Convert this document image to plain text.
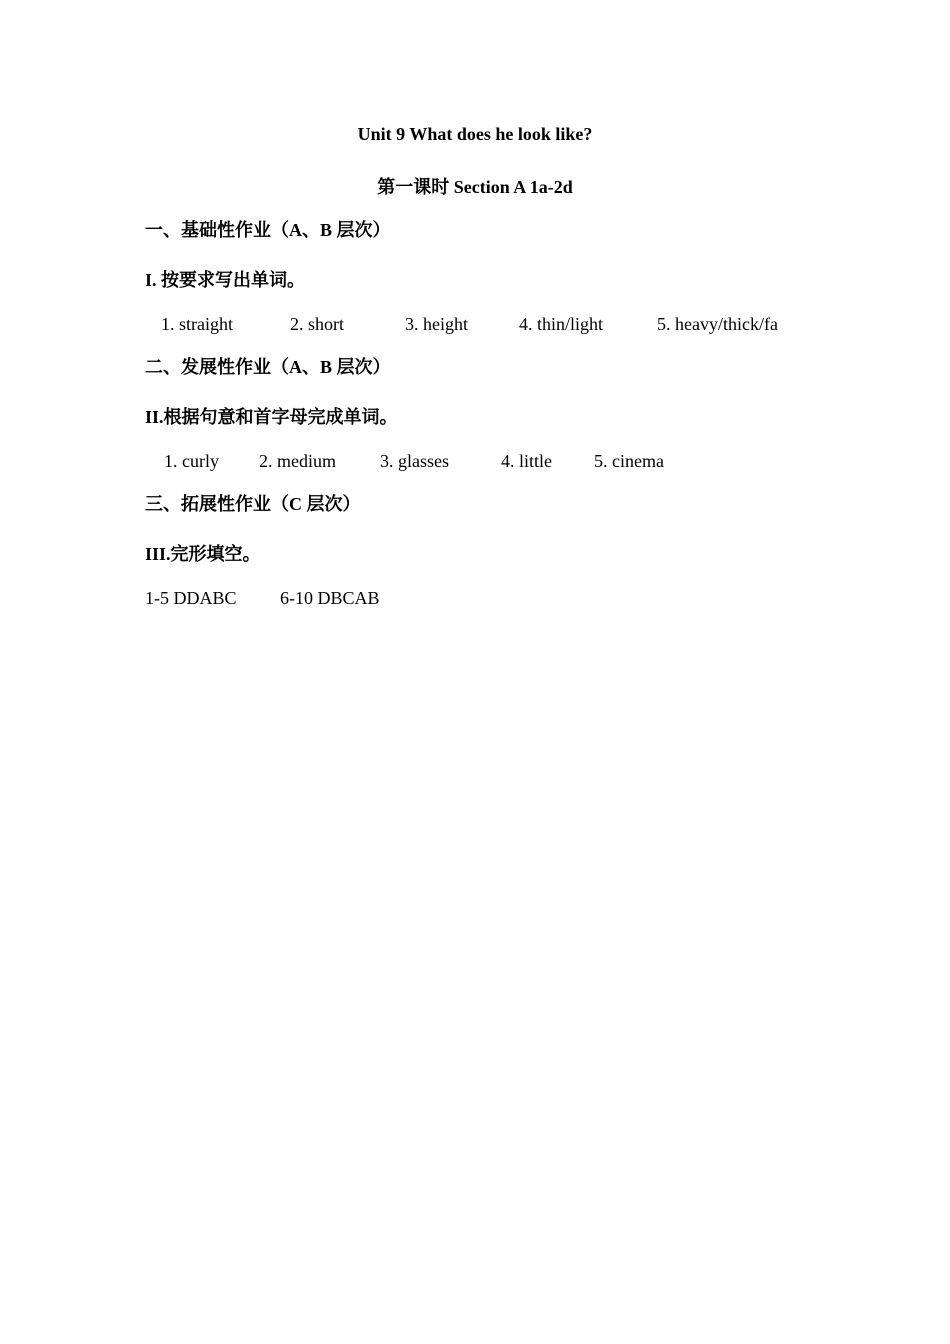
Unit 9 What does he look like?
第一课时 Section A 1a-2d
一、基础性作业（A、B 层次）
I. 按要求写出单词。
1. straight	2. short	3. height	4. thin/light	5. heavy/thick/fa
二、发展性作业（A、B 层次）
II.根据句意和首字母完成单词。
1. curly 2. medium 3. glasses	4. little 5. cinema
三、拓展性作业（C 层次）
III.完形填空。
1-5 DDABC 6-10 DBCAB
